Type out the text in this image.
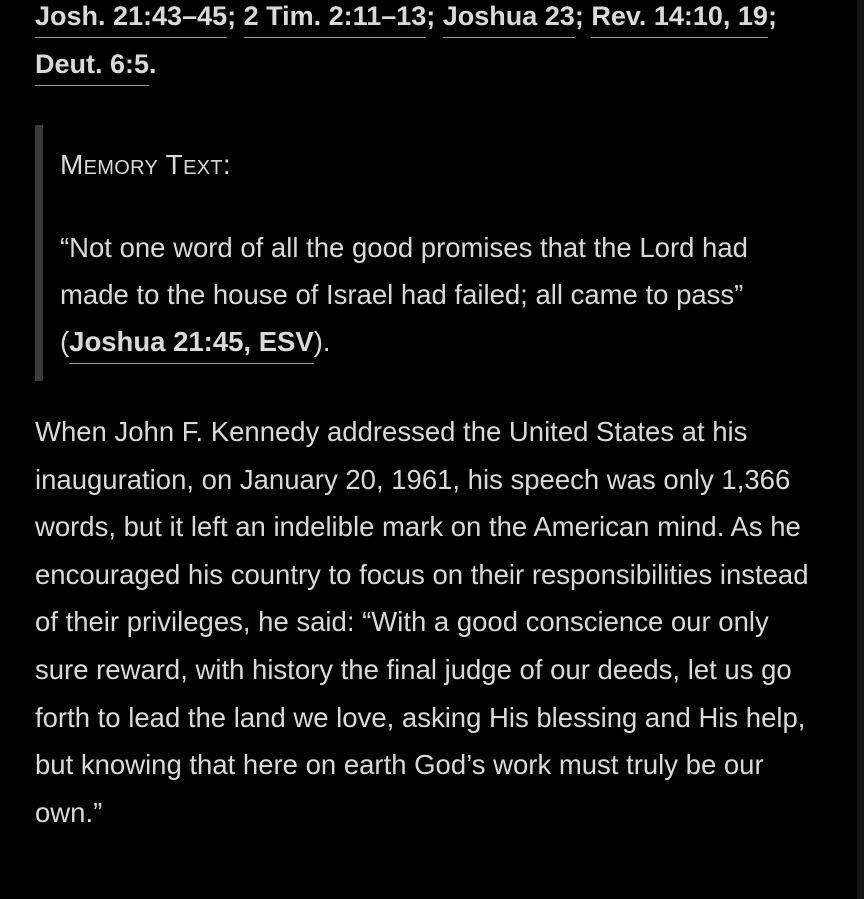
Josh. 21:43–45; 2 Tim. 2:11–13; Joshua 23; Rev. 14:10, 19; Deut. 6:5.

Memory Text:

“Not one word of all the good promises that the Lord had made to the house of Israel had failed; all came to pass” (Joshua 21:45, ESV).

When John F. Kennedy addressed the United States at his inauguration, on January 20, 1961, his speech was only 1,366 words, but it left an indelible mark on the American mind. As he encouraged his country to focus on their responsibilities instead of their privileges, he said: “With a good conscience our only sure reward, with history the final judge of our deeds, let us go forth to lead the land we love, asking His blessing and His help, but knowing that here on earth God’s work must truly be our own.”
